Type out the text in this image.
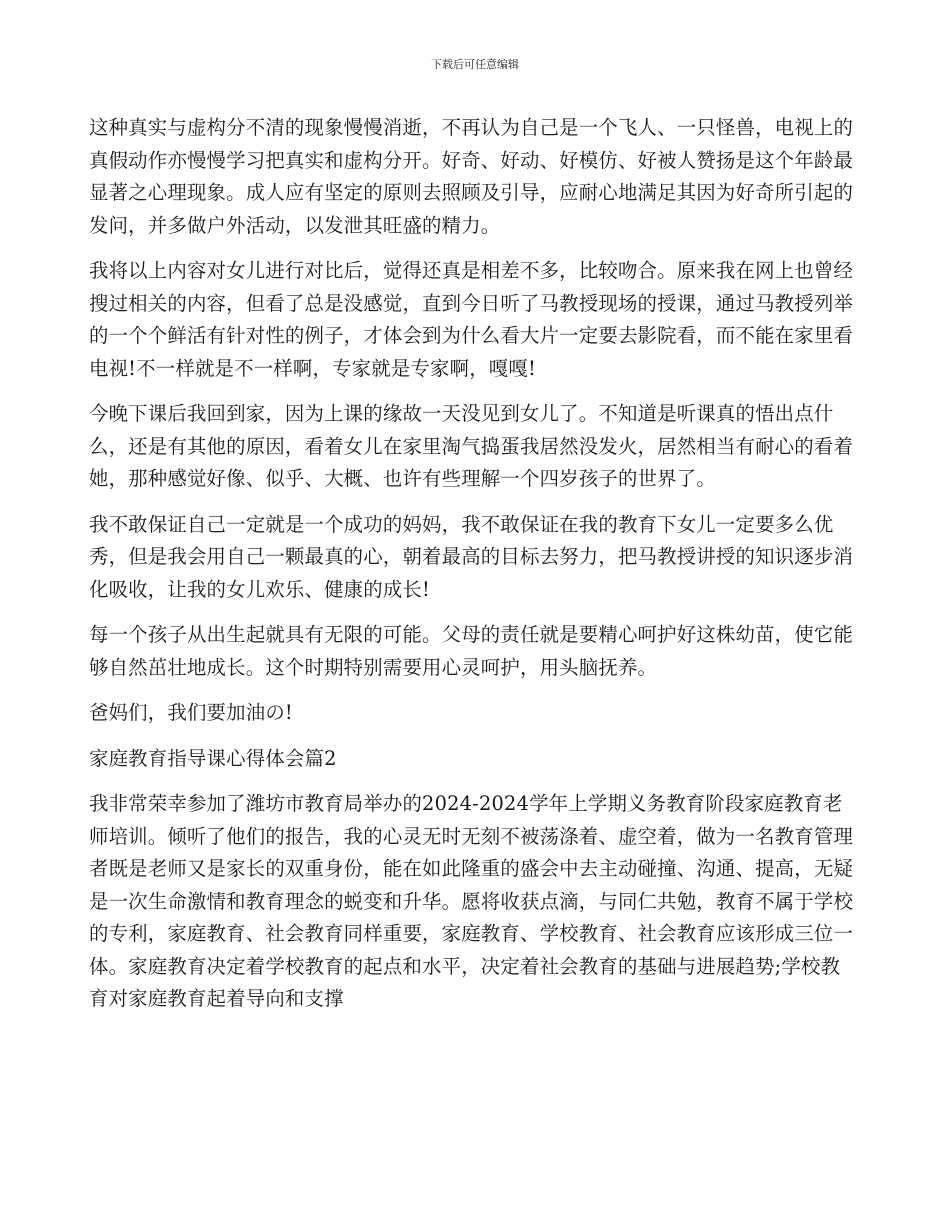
下载后可任意编辑

这种真实与虚构分不清的现象慢慢消逝，不再认为自己是一个飞人、一只怪兽，电视上的真假动作亦慢慢学习把真实和虚构分开。好奇、好动、好模仿、好被人赞扬是这个年龄最显著之心理现象。成人应有坚定的原则去照顾及引导，应耐心地满足其因为好奇所引起的发问，并多做户外活动，以发泄其旺盛的精力。

我将以上内容对女儿进行对比后，觉得还真是相差不多，比较吻合。原来我在网上也曾经搜过相关的内容，但看了总是没感觉，直到今日听了马教授现场的授课，通过马教授列举的一个个鲜活有针对性的例子，才体会到为什么看大片一定要去影院看，而不能在家里看电视!不一样就是不一样啊，专家就是专家啊，嘎嘎!

今晚下课后我回到家，因为上课的缘故一天没见到女儿了。不知道是听课真的悟出点什么，还是有其他的原因，看着女儿在家里淘气捣蛋我居然没发火，居然相当有耐心的看着她，那种感觉好像、似乎、大概、也许有些理解一个四岁孩子的世界了。

我不敢保证自己一定就是一个成功的妈妈，我不敢保证在我的教育下女儿一定要多么优秀，但是我会用自己一颗最真的心，朝着最高的目标去努力，把马教授讲授的知识逐步消化吸收，让我的女儿欢乐、健康的成长!

每一个孩子从出生起就具有无限的可能。父母的责任就是要精心呵护好这株幼苗，使它能够自然茁壮地成长。这个时期特别需要用心灵呵护，用头脑抚养。

爸妈们，我们要加油の!

家庭教育指导课心得体会篇2

我非常荣幸参加了潍坊市教育局举办的2024-2024学年上学期义务教育阶段家庭教育老师培训。倾听了他们的报告，我的心灵无时无刻不被荡涤着、虚空着，做为一名教育管理者既是老师又是家长的双重身份，能在如此隆重的盛会中去主动碰撞、沟通、提高，无疑是一次生命激情和教育理念的蜕变和升华。愿将收获点滴，与同仁共勉，教育不属于学校的专利，家庭教育、社会教育同样重要，家庭教育、学校教育、社会教育应该形成三位一体。家庭教育决定着学校教育的起点和水平，决定着社会教育的基础与进展趋势;学校教育对家庭教育起着导向和支撑
